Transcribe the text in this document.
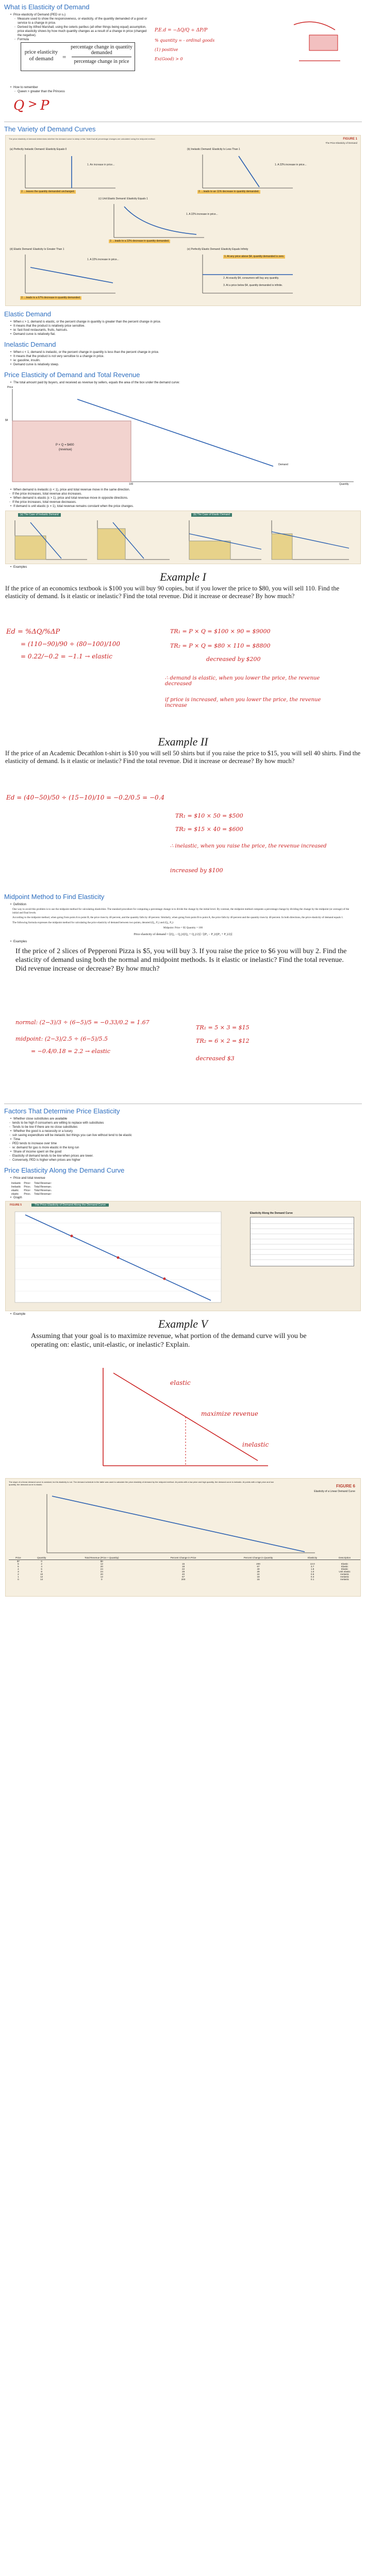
What is Elasticity of Demand
• Price elasticity of Demand (PED or εₙ)
◦ Measure used to show the responsiveness, or elasticity, of the quantity demanded of a good or service to a change in price.
◦ Derived by Alfred Marshall, using the ceteris paribus (all other things being equal) assumption, price elasticity shows by how much quantity changes as a result of a change in price (changed the negative).
◦ Formula
price elasticity of demand	=
percentage change in quantity demanded
percentage change in price
P.E.d = −ΔQ/Q ÷ ΔP/P
% quantity = - ordinal goods
(1) positive
Ex(Good) > 0
• How to remember
◦ Queen > greater than the Princess
Q > P
The Variety of Demand Curves
The price elasticity of demand determines whether the demand curve is steep or flat. Note that all percentage changes are calculated using the midpoint method.	FIGURE 1
The Price Elasticity of Demand
(a) Perfectly Inelastic Demand: Elasticity Equals 0
1. An increase in price...
2. ...leaves the quantity demanded unchanged.
(b) Inelastic Demand: Elasticity Is Less Than 1
1. A 22% increase in price...
2. ...leads to an 11% decrease in quantity demanded.
(c) Unit Elastic Demand: Elasticity Equals 1
1. A 22% increase in price...
2. ...leads to a 22% decrease in quantity demanded.
(d) Elastic Demand: Elasticity Is Greater Than 1
1. A 22% increase in price...
2. ...leads to a 67% decrease in quantity demanded.
(e) Perfectly Elastic Demand: Elasticity Equals Infinity
1. At any price above $4, quantity demanded is zero.
2. At exactly $4, consumers will buy any quantity.
3. At a price below $4, quantity demanded is infinite.
Elastic Demand
• When ε > 1, demand is elastic, or the percent change in quantity is greater than the percent change in price.
• It means that the product is relatively price sensitive.
• ie: fast-food restaurants, fruits, haircuts.
• Demand curve is relatively flat.
Inelastic Demand
• When ε < 1, demand is inelastic, or the percent change in quantity is less than the percent change in price.
• It means that the product is not very sensitive to a change in price.
• ie: gasoline, insulin.
• Demand curve is relatively steep.
Price Elasticity of Demand and Total Revenue
• The total amount paid by buyers, and received as revenue by sellers, equals the area of the box under the demand curve:
Price
P × Q = $400
(revenue)
$4
100
Demand
Quantity
• When demand is inelastic (ε < 1), price and total revenue move in the same direction.
◦ If the price increases, total revenue also increases.
• When demand is elastic (ε > 1), price and total revenue move in opposite directions.
◦ If the price increases, total revenue decreases.
• If demand is unit elastic (ε = 1), total revenue remains constant when the price changes.
(a) The Case of Inelastic Demand	(b) The Case of Elastic Demand
• Examples
Example I
If the price of an economics textbook is $100 you will buy 90 copies, but if you lower the price to $80, you will sell 110. Find the elasticity of demand. Is it elastic or inelastic? Find the total revenue. Did it increase or decrease? By how much?
Ed = %ΔQ/%ΔP
= (110−90)/90 ÷ (80−100)/100
= 0.22/−0.2 = −1.1 → elastic
TR₁ = P × Q = $100 × 90 = $9000
TR₂ = P × Q = $80 × 110 = $8800
decreased by $200
∴ demand is elastic, when you lower the price, the revenue decreased
if price is increased, when you lower the price, the revenue increase
Example II
If the price of an Academic Decathlon t-shirt is $10 you will sell 50 shirts but if you raise the price to $15, you will sell 40 shirts. Find the elasticity of demand. Is it elastic or inelastic? Find the total revenue. Did it increase or decrease? By how much?
Ed = (40−50)/50 ÷ (15−10)/10 = −0.2/0.5 = −0.4
TR₁ = $10 × 50 = $500
TR₂ = $15 × 40 = $600
∴ inelastic, when you raise the price, the revenue increased
increased by $100
Midpoint Method to Find Elasticity
• Definition

One way to avoid this problem is to use the midpoint method for calculating elasticities. The standard procedure for computing a percentage change is to divide the change by the initial level. By contrast, the midpoint method computes a percentage change by dividing the change by the midpoint (or average) of the initial and final levels.

According to the midpoint method, when going from point A to point B, the price rises by 40 percent, and the quantity falls by 40 percent. Similarly, when going from point B to point A, the price falls by 40 percent and the quantity rises by 40 percent. In both directions, the price elasticity of demand equals 1.

The following formula expresses the midpoint method for calculating the price elasticity of demand between two points, denoted (Q₁, P₁) and (Q₂, P₂):

Midpoint: Price = $5 Quantity = 100
Price elasticity of demand = [(Q₂ − Q₁)/((Q₂ + Q₁)/2)] / [(P₂ − P₁)/((P₂ + P₁)/2)]
• Examples
If the price of 2 slices of Pepperoni Pizza is $5, you will buy 3. If you raise the price to $6 you will buy 2. Find the elasticity of demand using both the normal and midpoint methods. Is it elastic or inelastic? Find the total revenue. Did revenue increase or decrease? By how much?
normal: (2−3)/3 ÷ (6−5)/5 = −0.33/0.2 = 1.67
midpoint: (2−3)/2.5 ÷ (6−5)/5.5
= −0.4/0.18 = 2.2 → elastic
TR₁ = 5 × 3 = $15
TR₂ = 6 × 2 = $12
decreased $3
Factors That Determine Price Elasticity
• Whether close substitutes are available
◦ tends to be high if consumers are willing to replace with substitutes
◦ Tends to be low if there are no close substitutes
• Whether the good is a necessity or a luxury
◦ ssh saving expenditure will be inelastic but things you can live without tend to be elastic
• Time
◦ PED tends to increase over time
◦ ie: demand for gas is more elastic in the long run
• Share of income spent on the good
◦ Elasticity of demand tends to be low when prices are lower.
◦ Conversely, PED is higher when prices are higher
Price Elasticity Along the Demand Curve
• Price and total revenue
Inelastic	Price↑	Total Revenue↑
Inelastic	Price↓	Total Revenue↓
elastic	Price↑	Total Revenue↓
elastic	Price↓	Total Revenue↑
• Graph
FIGURE 5	The Price Elasticity of Demand Along the Demand Curve
Elasticity Along the Demand Curve
• Example
Example V
Assuming that your goal is to maximize revenue, what portion of the demand curve will you be operating on: elastic, unit-elastic, or inelastic? Explain.
elastic
maximize revenue
inelastic
The slope of a linear demand curve is constant, but its elasticity is not. The demand schedule in the table was used to calculate the price elasticity of demand by the midpoint method. At points with a low price and high quantity, the demand curve is inelastic. At points with a high price and low quantity, the demand curve is elastic.	FIGURE 6
Elasticity of a Linear Demand Curve
Price	Quantity	Total Revenue (Price × Quantity)	Percent Change in Price	Percent Change in Quantity	Elasticity	Description
$7	0	$0				
6	2	12	15	200	13.0	Elastic
5	4	20	18	67	3.7	Elastic
4	6	24	22	40	1.8	Elastic
3	8	24	29	29	1.0	Unit elastic
2	10	20	40	22	0.6	Inelastic
1	12	12	67	18	0.3	Inelastic
0	14	0	200	15	0.1	Inelastic
